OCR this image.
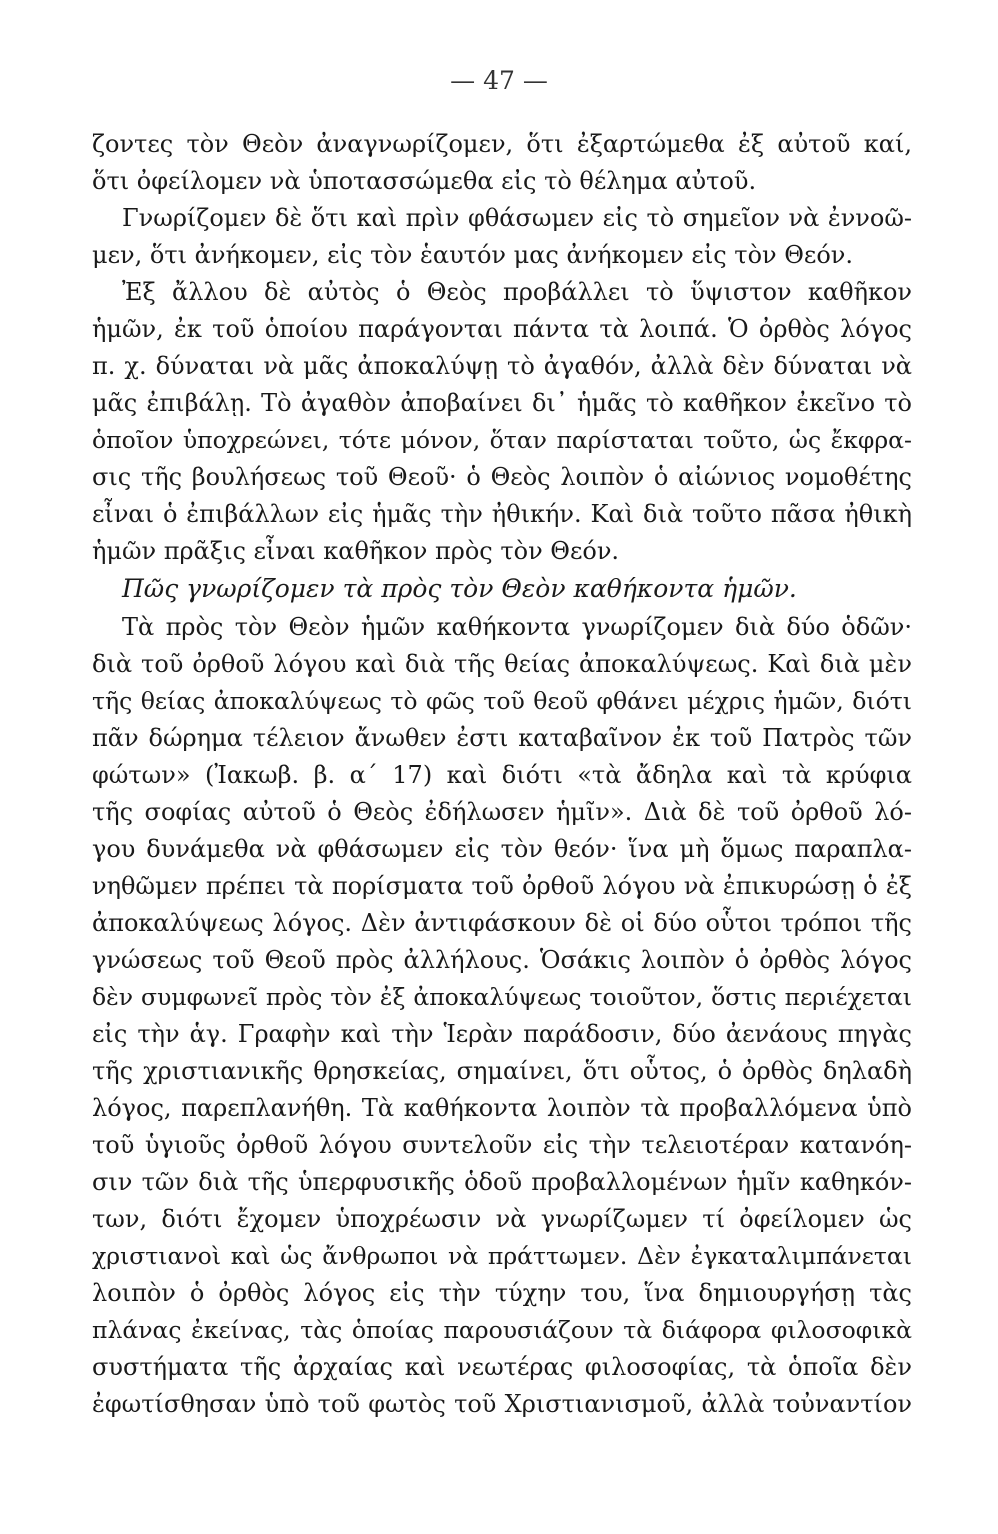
— 47 —
ζοντες τὸν Θεὸν ἀναγνωρίζομεν, ὅτι ἐξαρτώμεθα ἐξ αὐτοῦ καί,
ὅτι ὀφείλομεν νὰ ὑποτασσώμεθα εἰς τὸ θέλημα αὐτοῦ.
Γνωρίζομεν δὲ ὅτι καὶ πρὶν φθάσωμεν εἰς τὸ σημεῖον νὰ ἐννοῶ-
μεν, ὅτι ἀνήκομεν, εἰς τὸν ἑαυτόν μας ἀνήκομεν εἰς τὸν Θεόν.
Ἐξ ἄλλου δὲ αὐτὸς ὁ Θεὸς προβάλλει τὸ ὕψιστον καθῆκον
ἡμῶν, ἐκ τοῦ ὁποίου παράγονται πάντα τὰ λοιπά. Ὁ ὀρθὸς λόγος
π. χ. δύναται νὰ μᾶς ἀποκαλύψῃ τὸ ἀγαθόν, ἀλλὰ δὲν δύναται νὰ
μᾶς ἐπιβάλῃ. Τὸ ἀγαθὸν ἀποβαίνει δι᾿ ἡμᾶς τὸ καθῆκον ἐκεῖνο τὸ
ὁποῖον ὑποχρεώνει, τότε μόνον, ὅταν παρίσταται τοῦτο, ὡς ἔκφρα-
σις τῆς βουλήσεως τοῦ Θεοῦ· ὁ Θεὸς λοιπὸν ὁ αἰώνιος νομοθέτης
εἶναι ὁ ἐπιβάλλων εἰς ἡμᾶς τὴν ἠθικήν. Καὶ διὰ τοῦτο πᾶσα ἠθικὴ
ἡμῶν πρᾶξις εἶναι καθῆκον πρὸς τὸν Θεόν.
Πῶς γνωρίζομεν τὰ πρὸς τὸν Θεὸν καθήκοντα ἡμῶν.
Τὰ πρὸς τὸν Θεὸν ἡμῶν καθήκοντα γνωρίζομεν διὰ δύο ὁδῶν·
διὰ τοῦ ὀρθοῦ λόγου καὶ διὰ τῆς θείας ἀποκαλύψεως. Καὶ διὰ μὲν
τῆς θείας ἀποκαλύψεως τὸ φῶς τοῦ θεοῦ φθάνει μέχρις ἡμῶν, διότι
πᾶν δώρημα τέλειον ἄνωθεν ἐστι καταβαῖνον ἐκ τοῦ Πατρὸς τῶν
φώτων» (Ἰακωβ. β. α΄ 17) καὶ διότι «τὰ ἄδηλα καὶ τὰ κρύφια
τῆς σοφίας αὐτοῦ ὁ Θεὸς ἐδήλωσεν ἡμῖν». Διὰ δὲ τοῦ ὀρθοῦ λό-
γου δυνάμεθα νὰ φθάσωμεν εἰς τὸν θεόν· ἵνα μὴ ὅμως παραπλα-
νηθῶμεν πρέπει τὰ πορίσματα τοῦ ὀρθοῦ λόγου νὰ ἐπικυρώσῃ ὁ ἐξ
ἀποκαλύψεως λόγος. Δὲν ἀντιφάσκουν δὲ οἱ δύο οὗτοι τρόποι τῆς
γνώσεως τοῦ Θεοῦ πρὸς ἀλλήλους. Ὁσάκις λοιπὸν ὁ ὀρθὸς λόγος
δὲν συμφωνεῖ πρὸς τὸν ἐξ ἀποκαλύψεως τοιοῦτον, ὅστις περιέχεται
εἰς τὴν ἁγ. Γραφὴν καὶ τὴν Ἱερὰν παράδοσιν, δύο ἀενάους πηγὰς
τῆς χριστιανικῆς θρησκείας, σημαίνει, ὅτι οὗτος, ὁ ὀρθὸς δηλαδὴ
λόγος, παρεπλανήθη. Τὰ καθήκοντα λοιπὸν τὰ προβαλλόμενα ὑπὸ
τοῦ ὑγιοῦς ὀρθοῦ λόγου συντελοῦν εἰς τὴν τελειοτέραν κατανόη-
σιν τῶν διὰ τῆς ὑπερφυσικῆς ὁδοῦ προβαλλομένων ἡμῖν καθηκόν-
των, διότι ἔχομεν ὑποχρέωσιν νὰ γνωρίζωμεν τί ὀφείλομεν ὡς
χριστιανοὶ καὶ ὡς ἄνθρωποι νὰ πράττωμεν. Δὲν ἐγκαταλιμπάνεται
λοιπὸν ὁ ὀρθὸς λόγος εἰς τὴν τύχην του, ἵνα δημιουργήσῃ τὰς
πλάνας ἐκείνας, τὰς ὁποίας παρουσιάζουν τὰ διάφορα φιλοσοφικὰ
συστήματα τῆς ἀρχαίας καὶ νεωτέρας φιλοσοφίας, τὰ ὁποῖα δὲν
ἐφωτίσθησαν ὑπὸ τοῦ φωτὸς τοῦ Χριστιανισμοῦ, ἀλλὰ τοὐναντίον
